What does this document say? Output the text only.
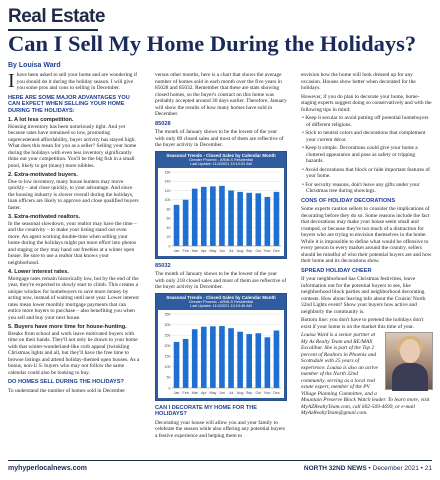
Real Estate
Can I Sell My Home During the Holidays?
By Louisa Ward

Ihave been asked to sell your home and are wondering if you should do it during the holiday season. I will give you some pros and cons to selling in December.

HERE ARE SOME MAJOR ADVANTAGES YOU CAN EXPECT WHEN SELLING YOUR HOME DURING THE HOLIDAYS:
1. A lot less competition.

Housing inventory has been notoriously tight. And yet because rates have remained so low, promoting unprecedented affordability, buyer activity has stayed high. What does this mean for you as a seller? Selling your home during the holidays with even less inventory significantly thins out your competition. You'll be the big fish in a small pond, likely to get (many) more nibbles.

2. Extra-motivated buyers.

Due to low inventory, many house hunters may move quickly – and close quickly, to your advantage. And since the housing industry is slower overall during the holidays, loan officers are likely to approve and close qualified buyers faster.

3. Extra-motivated realtors.

In the seasonal slowdown, your realtor may have the time – and the creativity – to make your listing stand out even more. An agent working double-time when selling your home during the holidays might put more effort into photos and staging or they may hand out freebies at a winter open house. Be sure to use a realtor that knows your neighborhood.

4. Lower interest rates.

Mortgage rates remain historically low, but by the end of the year, they're expected to slowly start to climb. This creates a unique window for homebuyers to save more money by acting now, instead of waiting until next year. Lower interest rates mean lower monthly mortgage payments that can entice more buyers to purchase – also benefiting you when you sell and buy your next house.

5. Buyers have more time for house-hunting.

Breaks from school and work leave motivated buyers with time on their hands. They'll not only be drawn to your home with that winter-wonderland-like curb appeal (twinkling Christmas lights and all, but they'll have the free time to browse listings and attend holiday-themed open houses. As a bonus, non-U.S. buyers who may not follow the same calendar could also be looking to buy.

DO HOMES SELL DURING THE HOLIDAYS?

To understand the number of homes sold in December

versus other months, here is a chart that shows the average number of homes sold in each month over the five years in 85028 and 85032. Remember that these are stats showing closed homes, so the buyer's contract on this home was probably accepted around 30 days earlier. Therefore, January will show the results of how many homes have sold in December.

85028

The month of January shows to be the lowest of the year with only 89 closed sales and most of them are reflective of the buyer activity in December.

Seasonal Trends - Closed Sales by Calendar Month
Greater Phoenix - ARMLS Residential
Last Update: 11/4/2021 10:10:02 AM
0
20
40
60
80
100
120
140
160
Jan Feb Mar Apr May Jun Jul Aug Sep Oct Nov Dec
85032

The month of January shows to be the lowest of the year with only 218 closed sales and most of them are reflective of the buyer activity in December.

Seasonal Trends - Closed Sales by Calendar Month
Greater Phoenix - ARMLS Residential
Last Update: 11/4/2021 10:19:46 AM
0
50
100
150
200
250
300
350
Jan Feb Mar Apr May Jun Jul Aug Sep Oct Nov Dec
CAN I DECORATE MY HOME FOR THE HOLIDAYS?

Decorating your house will allow you and your family to celebrate the season while also offering any potential buyers a festive experience and helping them to

envision how the home will look dressed up for any occasion. Houses show better when decorated for the holidays.

However, if you do plan to decorate your home, home-staging experts suggest doing so conservatively and with the following tips in mind:

• Keep it secular to avoid putting off potential homebuyers of different religions.

• Stick to neutral colors and decorations that complement your current décor.

• Keep it simple. Decorations could give your home a cluttered appearance and pose as safety or tripping hazards.

• Avoid decorations that block or hide important features of your home.

• For security reasons, don't leave any gifts under your Christmas tree during showings.

CONS OF HOLIDAY DECORATIONS

Some experts caution sellers to consider the implications of decorating before they do so. Some reasons include the fact that decorations may make your house seem small and cramped, or because they're too much of a distraction for buyers who are trying to envision themselves in the home. While it is impossible to define what would be offensive to every person in every market around the country, sellers should be mindful of who their potential buyers are and how their home and its decorations show.

SPREAD HOLIDAY CHEER

If your neighborhood has Christmas festivities, leave information out for the potential buyers to see, like neighborhood block parties and neighborhood decorating contests. How about leaving info about the Cruisin' North 32nd Lights event? Show your buyers how active and neighborly the community is.

Bottom line: you don't have to pretend the holidays don't exist if your home is on the market this time of year.

Louisa Ward is a senior partner at My Az Realty Team and RE/MAX Excalibur. She is part of the Top 2 percent of Realtors in Phoenix and Scottsdale with 25 years of experience. Louisa is also an active member of the North 32nd community, serving as a local real estate expert, member of the PV Village Planning Committee, and a Mountain Preserve Block Watch leader. To learn more, visit MyAZRealtyTeam.com, call 602-569-4699, or e-mail MyAzRealtyTeam@gmail.com.

myhyperlocalnews.com	NORTH 32ND NEWS • December 2021 • 21
